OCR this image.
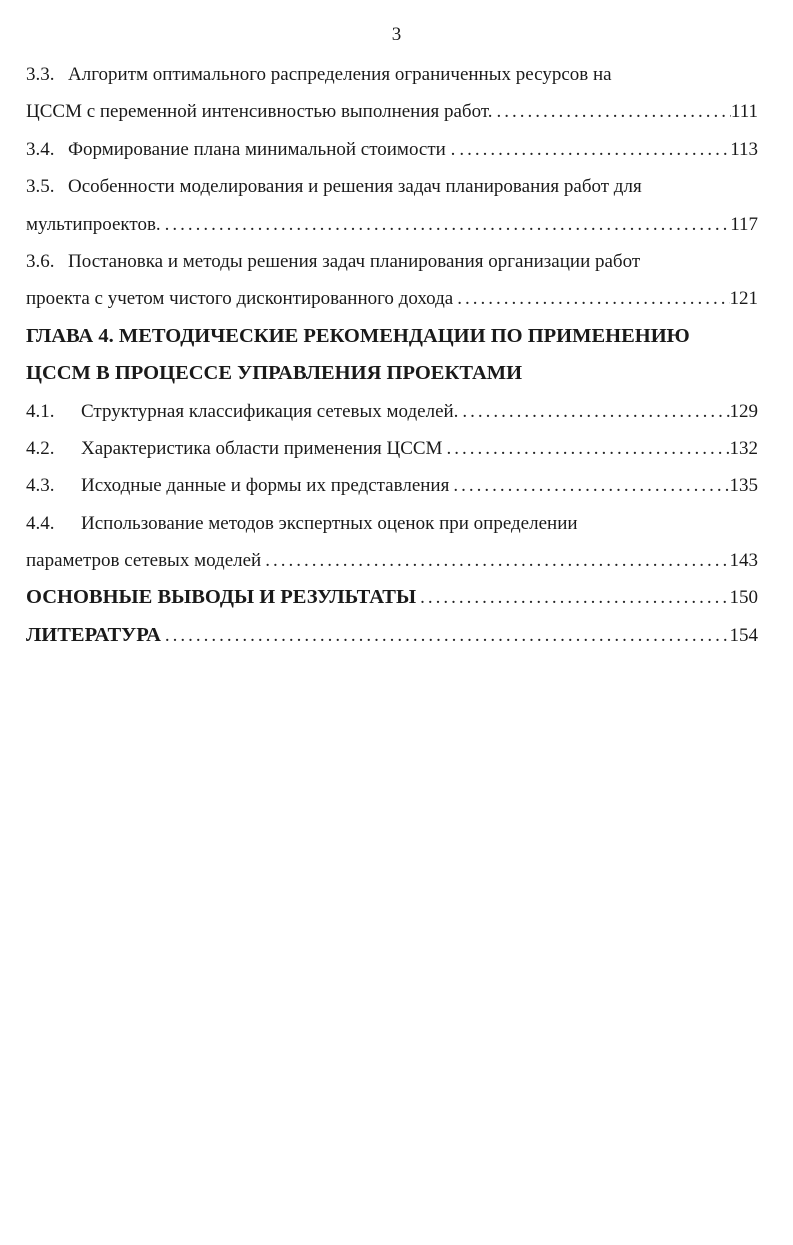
3
3.3. Алгоритм оптимального распределения ограниченных ресурсов на
ЦССМ с переменной интенсивностью выполнения работ. .....	111
3.4. Формирование плана минимальной стоимости . .....	113
3.5. Особенности моделирования и решения задач планирования работ для
мультипроектов. .....	117
3.6. Постановка и методы решения задач планирования организации работ
проекта с учетом чистого дисконтированного дохода .....	121
ГЛАВА 4. МЕТОДИЧЕСКИЕ РЕКОМЕНДАЦИИ ПО ПРИМЕНЕНИЮ
ЦССМ В ПРОЦЕССЕ УПРАВЛЕНИЯ ПРОЕКТАМИ
4.1. Структурная классификация сетевых моделей. .....	129
4.2. Характеристика области применения ЦССМ .....	132
4.3. Исходные данные и формы их представления .....	135
4.4. Использование методов экспертных оценок при определении
параметров сетевых моделей .....	143
ОСНОВНЫЕ ВЫВОДЫ И РЕЗУЛЬТАТЫ .....	150
ЛИТЕРАТУРА .....	154
